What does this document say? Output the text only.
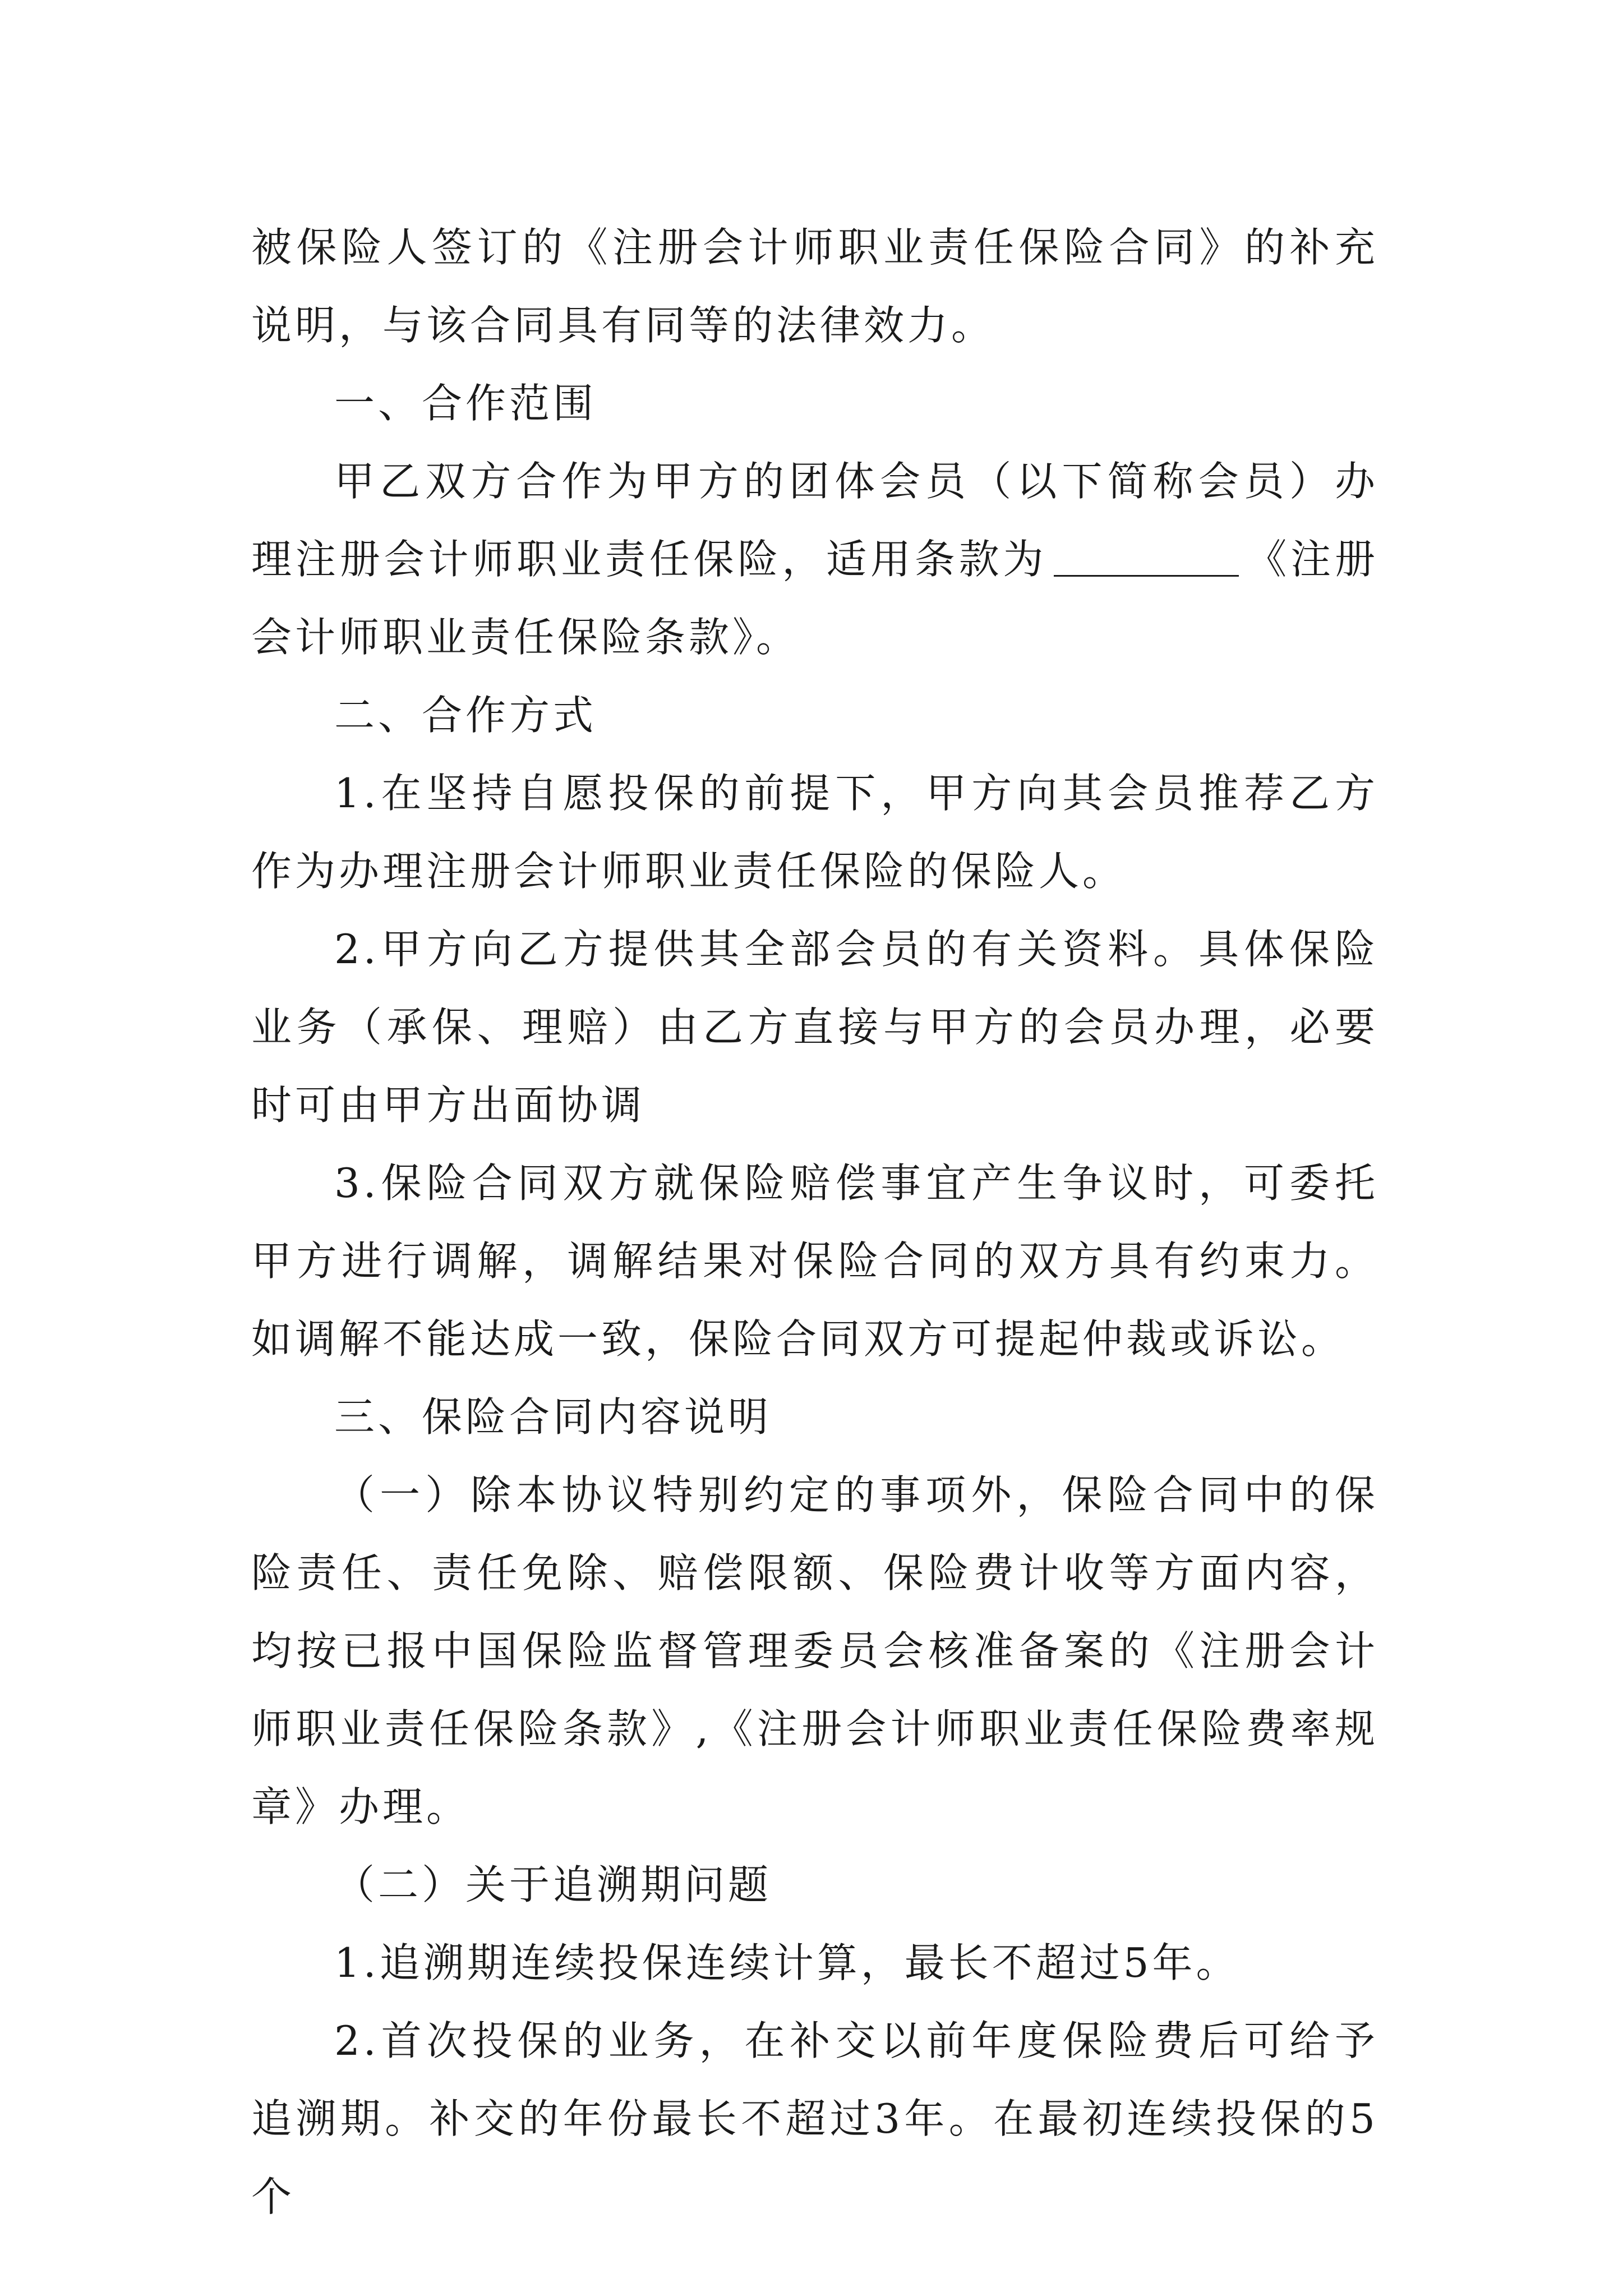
被保险人签订的《注册会计师职业责任保险合同》的补充说明，与该合同具有同等的法律效力。

一、合作范围

甲乙双方合作为甲方的团体会员（以下简称会员）办理注册会计师职业责任保险，适用条款为	《注册会计师职业责任保险条款》。

二、合作方式

1.在坚持自愿投保的前提下，甲方向其会员推荐乙方作为办理注册会计师职业责任保险的保险人。

2.甲方向乙方提供其全部会员的有关资料。具体保险业务（承保、理赔）由乙方直接与甲方的会员办理，必要时可由甲方出面协调

3.保险合同双方就保险赔偿事宜产生争议时，可委托甲方进行调解，调解结果对保险合同的双方具有约束力。如调解不能达成一致，保险合同双方可提起仲裁或诉讼。

三、保险合同内容说明

（一）除本协议特别约定的事项外，保险合同中的保险责任、责任免除、赔偿限额、保险费计收等方面内容，均按已报中国保险监督管理委员会核准备案的《注册会计师职业责任保险条款》,《注册会计师职业责任保险费率规章》办理。

（二）关于追溯期问题

1.追溯期连续投保连续计算，最长不超过5年。

2.首次投保的业务，在补交以前年度保险费后可给予追溯期。补交的年份最长不超过3年。在最初连续投保的5个
